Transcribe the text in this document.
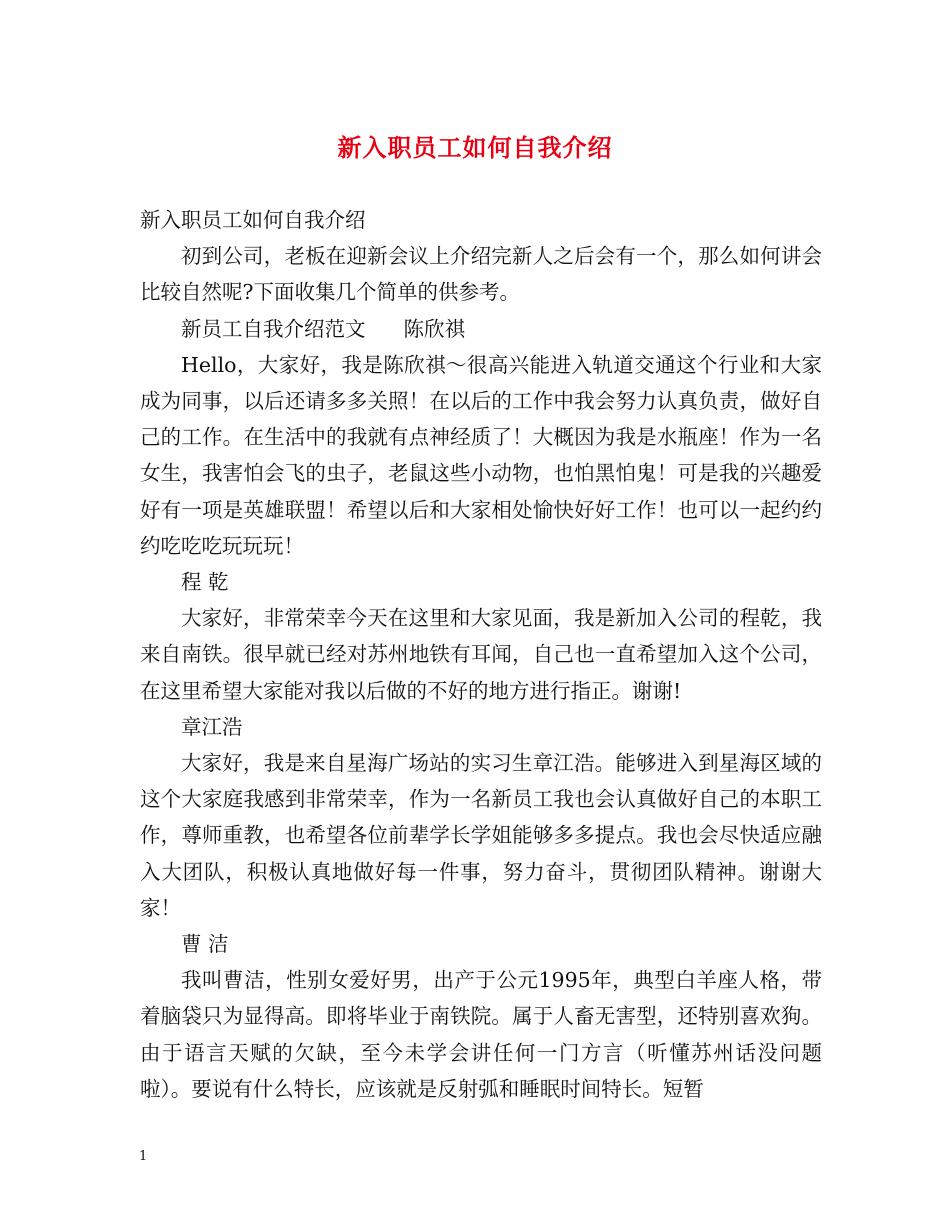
新入职员工如何自我介绍

新入职员工如何自我介绍

初到公司，老板在迎新会议上介绍完新人之后会有一个，那么如何讲会比较自然呢?下面收集几个简单的供参考。

新员工自我介绍范文 陈欣祺

Hello，大家好，我是陈欣祺～很高兴能进入轨道交通这个行业和大家成为同事，以后还请多多关照！在以后的工作中我会努力认真负责，做好自己的工作。在生活中的我就有点神经质了！大概因为我是水瓶座！作为一名女生，我害怕会飞的虫子，老鼠这些小动物，也怕黑怕鬼！可是我的兴趣爱好有一项是英雄联盟！希望以后和大家相处愉快好好工作！也可以一起约约约吃吃吃玩玩玩！

程 乾

大家好，非常荣幸今天在这里和大家见面，我是新加入公司的程乾，我来自南铁。很早就已经对苏州地铁有耳闻，自己也一直希望加入这个公司，在这里希望大家能对我以后做的不好的地方进行指正。谢谢!

章江浩

大家好，我是来自星海广场站的实习生章江浩。能够进入到星海区域的这个大家庭我感到非常荣幸，作为一名新员工我也会认真做好自己的本职工作，尊师重教，也希望各位前辈学长学姐能够多多提点。我也会尽快适应融入大团队，积极认真地做好每一件事，努力奋斗，贯彻团队精神。谢谢大家！

曹 洁

我叫曹洁，性别女爱好男，出产于公元1995年，典型白羊座人格，带着脑袋只为显得高。即将毕业于南铁院。属于人畜无害型，还特别喜欢狗。由于语言天赋的欠缺，至今未学会讲任何一门方言（听懂苏州话没问题啦）。要说有什么特长，应该就是反射弧和睡眠时间特长。短暂

1
